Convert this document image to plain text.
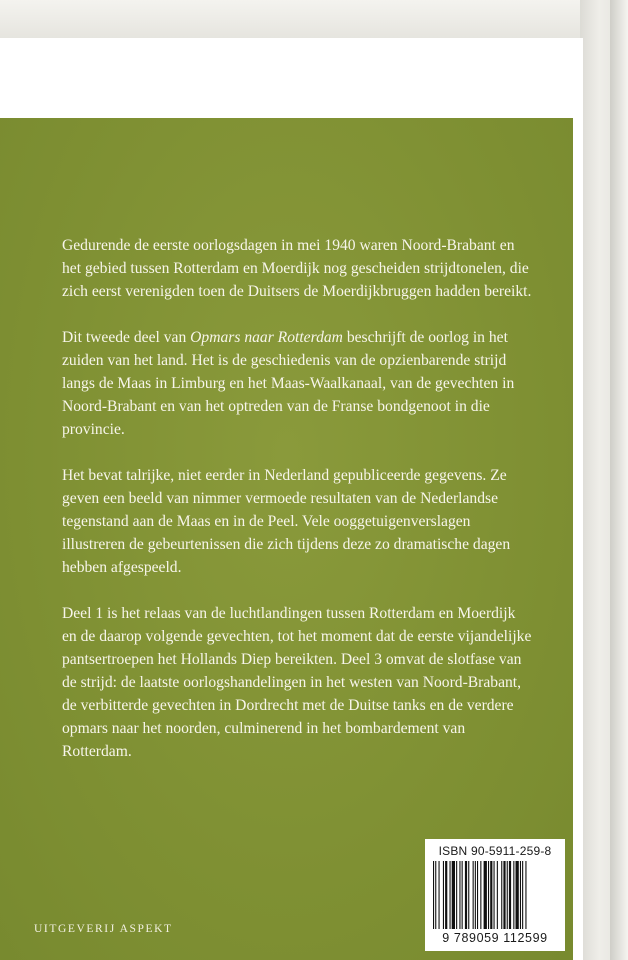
Gedurende de eerste oorlogsdagen in mei 1940 waren Noord-Brabant en het gebied tussen Rotterdam en Moerdijk nog gescheiden strijdtonelen, die zich eerst verenigden toen de Duitsers de Moerdijkbruggen hadden bereikt.

Dit tweede deel van Opmars naar Rotterdam beschrijft de oorlog in het zuiden van het land. Het is de geschiedenis van de opzienbarende strijd langs de Maas in Limburg en het Maas-Waalkanaal, van de gevechten in Noord-Brabant en van het optreden van de Franse bondgenoot in die provincie.

Het bevat talrijke, niet eerder in Nederland gepubliceerde gegevens. Ze geven een beeld van nimmer vermoede resultaten van de Nederlandse tegenstand aan de Maas en in de Peel. Vele ooggetuigenverslagen illustreren de gebeurtenissen die zich tijdens deze zo dramatische dagen hebben afgespeeld.

Deel 1 is het relaas van de luchtlandingen tussen Rotterdam en Moerdijk en de daarop volgende gevechten, tot het moment dat de eerste vijandelijke pantsertroepen het Hollands Diep bereikten. Deel 3 omvat de slotfase van de strijd: de laatste oorlogshandelingen in het westen van Noord-Brabant, de verbitterde gevechten in Dordrecht met de Duitse tanks en de verdere opmars naar het noorden, culminerend in het bombardement van Rotterdam.

UITGEVERIJ ASPEKT
ISBN 90-5911-259-8
9 789059 112599
